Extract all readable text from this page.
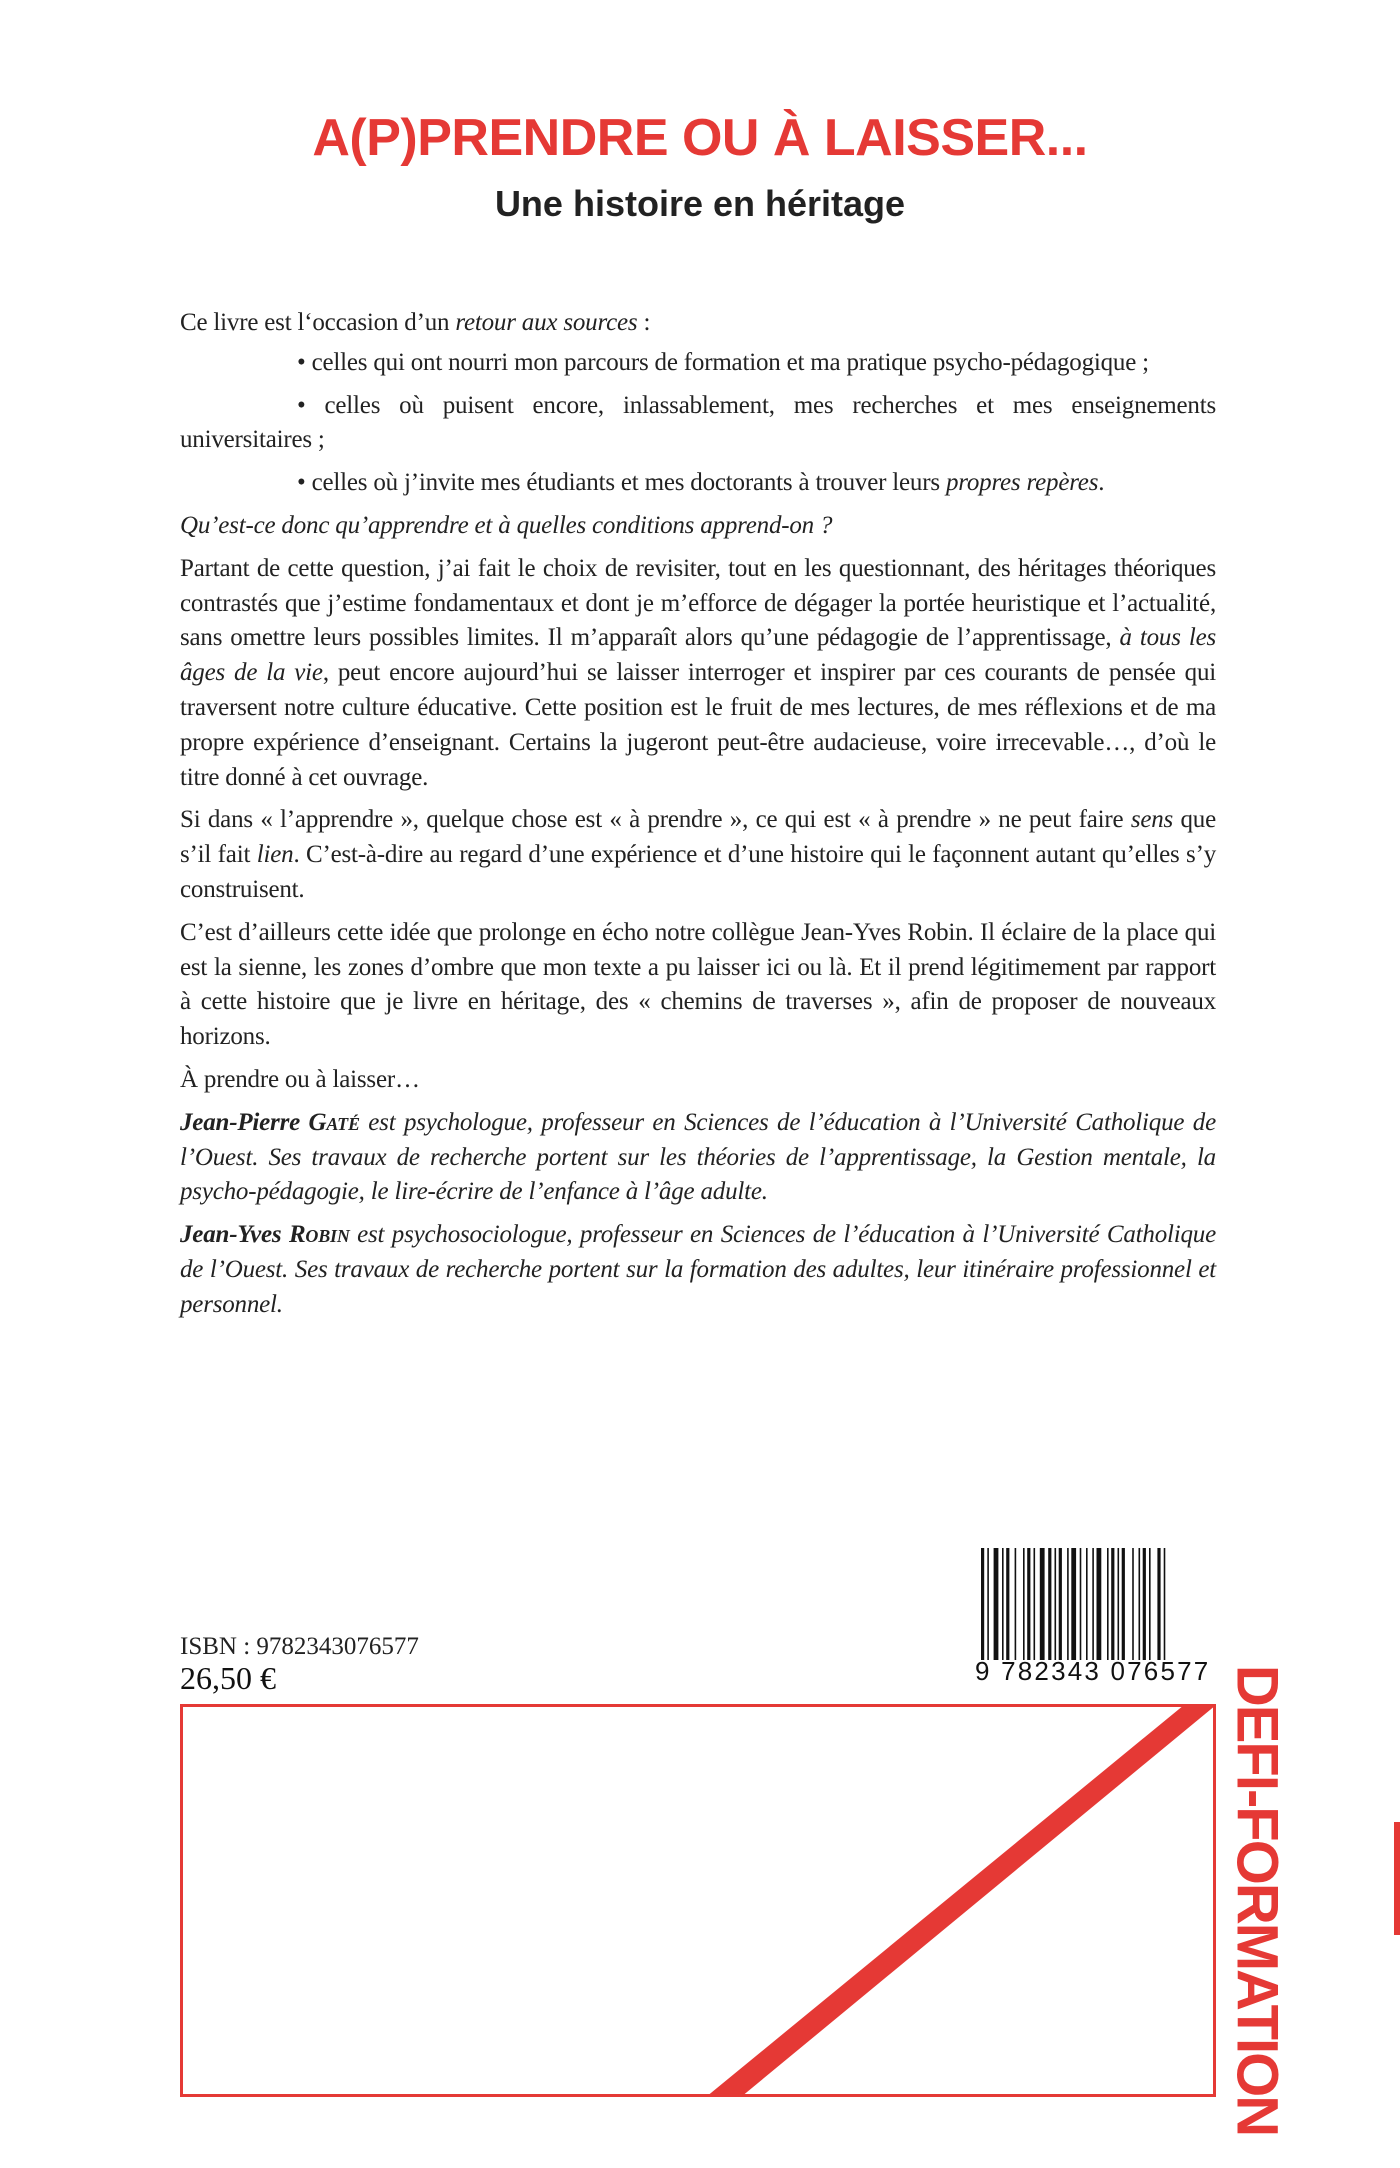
A(P)PRENDRE OU À LAISSER...
Une histoire en héritage

Ce livre est l‘occasion d’un retour aux sources :

• celles qui ont nourri mon parcours de formation et ma pratique psycho-pédagogique ;

• celles où puisent encore, inlassablement, mes recherches et mes enseignements universitaires ;

• celles où j’invite mes étudiants et mes doctorants à trouver leurs propres repères.

Qu’est-ce donc qu’apprendre et à quelles conditions apprend-on ?

Partant de cette question, j’ai fait le choix de revisiter, tout en les questionnant, des héritages théoriques contrastés que j’estime fondamentaux et dont je m’efforce de dégager la portée heuristique et l’actualité, sans omettre leurs possibles limites. Il m’apparaît alors qu’une pédagogie de l’apprentissage, à tous les âges de la vie, peut encore aujourd’hui se laisser interroger et inspirer par ces courants de pensée qui traversent notre culture éducative. Cette position est le fruit de mes lectures, de mes réflexions et de ma propre expérience d’enseignant. Certains la jugeront peut-être audacieuse, voire irrecevable…, d’où le titre donné à cet ouvrage.

Si dans « l’apprendre », quelque chose est « à prendre », ce qui est « à prendre » ne peut faire sens que s’il fait lien. C’est-à-dire au regard d’une expérience et d’une histoire qui le façonnent autant qu’elles s’y construisent.

C’est d’ailleurs cette idée que prolonge en écho notre collègue Jean-Yves Robin. Il éclaire de la place qui est la sienne, les zones d’ombre que mon texte a pu laisser ici ou là. Et il prend légitimement par rapport à cette histoire que je livre en héritage, des « chemins de traverses », afin de proposer de nouveaux horizons.

À prendre ou à laisser…

Jean-Pierre Gaté est psychologue, professeur en Sciences de l’éducation à l’Université Catholique de l’Ouest. Ses travaux de recherche portent sur les théories de l’apprentissage, la Gestion mentale, la psycho-pédagogie, le lire-écrire de l’enfance à l’âge adulte.

Jean-Yves Robin est psychosociologue, professeur en Sciences de l’éducation à l’Université Catholique de l’Ouest. Ses travaux de recherche portent sur la formation des adultes, leur itinéraire professionnel et personnel.

ISBN : 9782343076577
26,50 €	9 782343 076577 DEFI-FORMATION
